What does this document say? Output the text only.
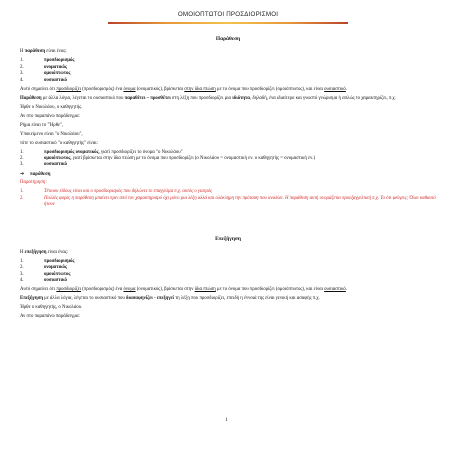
ΟΜΟΙΟΠΤΩΤΟΙ ΠΡΟΣΔΙΟΡΙΣΜΟΙ
Παράθεση
Η παράθεση είναι ένας:
1.	προσδιορισμός
2.	ονοματικός
3.	ομοιόπτωτος
4.	ουσιαστικό
Αυτό σημαίνει ότι προσδιορίζει (προσδιορισμός) ένα όνομα (ονοματικός), βρίσκεται στην ίδια πτώση με το όνομα που προσδιορίζει (ομοιόπτωτος), και είναι ουσιαστικό.
Παράθεση με άλλα λόγια, λέγεται το ουσιαστικό που παραθέτει – προσθέτει στη λέξη που προσδιορίζει μια ιδιότητα, δηλαδή, ένα ιδιαίτερο και γνωστό γνώρισμα ή απλώς το χαρακτηρίζει, π.χ.
Ήρθε ο Νικολάου, ο καθηγητής.
Αν στο παραπάνω παράδειγμα:
Ρήμα είναι το "Ήρθε",
Υποκείμενο είναι "ο Νικολάου",
τότε το ουσιαστικό "ο καθηγητής" είναι:
1.	προσδιορισμός ονοματικός, γιατί προσδιορίζει το όνομα "ο Νικολάου"
2.	ομοιόπτωτος, γιατί βρίσκεται στην ίδια πτώση με το όνομα που προσδιορίζει (ο Νικολάου = ονομαστική εν. ο καθηγητής = ονομαστική εν.)
3.	ουσιαστικό
➔	παράθεση
Παρατήρηση:
1.	Τέτοιου είδους είναι και ο προσδιορισμός που δηλώνει το επαγγελμα π.χ. αυτός ο γιατρός
2.	Πολλές φορές η παράθεση μπαίνει πριν από τον χαρακτηρισμό όχι μόνο μια λέξη αλλά και ολόκληρη την πρόταση που αναλύει. Η παράθεση αυτή ονομάζεται προεξαγγελτική π.χ. Το ότι φεύγεις; Όλοι καθαυτό ήτουν
Επεξήγηση
Η επεξήγηση είναι ένας:
1.	προσδιορισμός
2.	ονοματικός
3.	ομοιόπτωτος
4.	ουσιαστικό
Αυτό σημαίνει ότι προσδιορίζει (προσδιορισμός) ένα όνομα (ονοματικός), βρίσκεται στην ίδια πτώση με το όνομα που προσδιορίζει (ομοιόπτωτος), και είναι ουσιαστικό.
Επεξήγηση με άλλα λόγια, λέγεται το ουσιαστικό που διασαφηνίζει - επεξηγεί τη λέξη που προσδιορίζει, επειδή η έννοιά της είναι γενική και ασαφής π.χ.
Ήρθε ο καθηγητής, ο Νικολάου.
Αν στο παραπάνω παράδειγμα:
1
